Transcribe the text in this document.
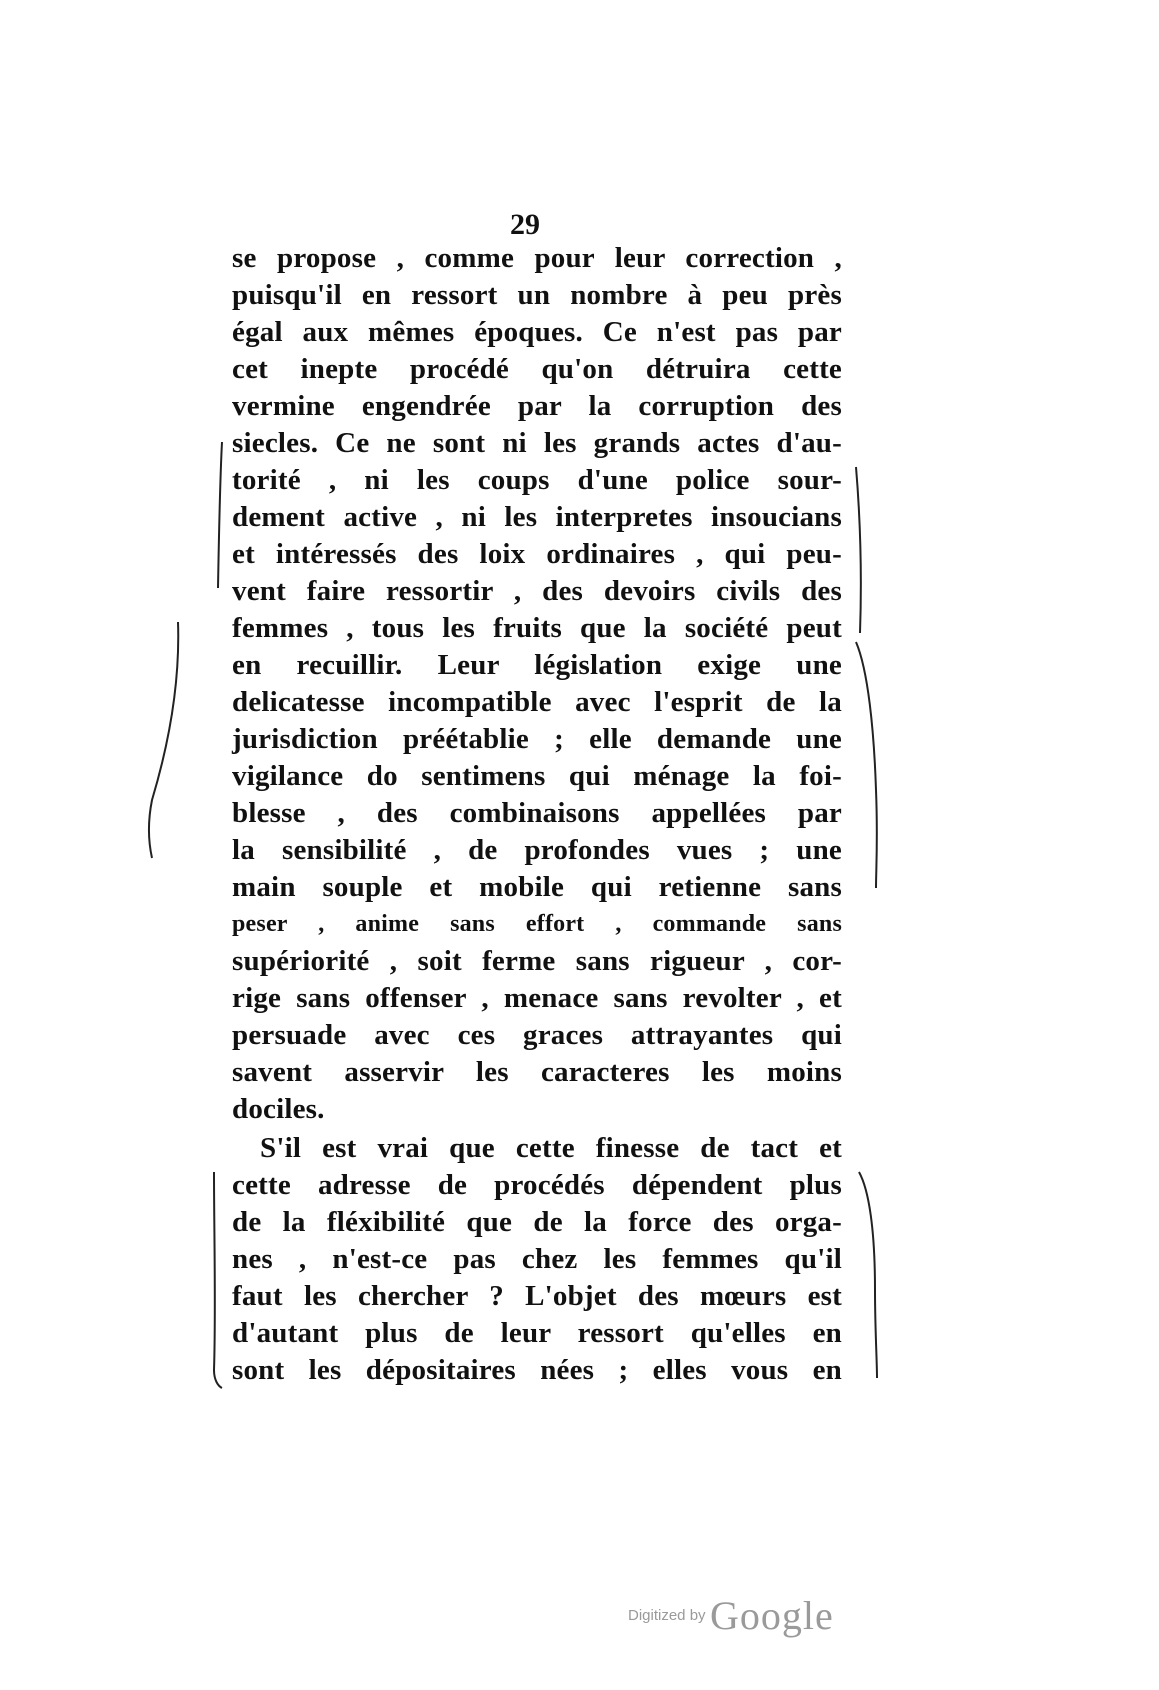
29
se propose , comme pour leur correction ,
puisqu'il en ressort un nombre à peu près
égal aux mêmes époques. Ce n'est pas par
cet inepte procédé qu'on détruira cette
vermine engendrée par la corruption des
siecles. Ce ne sont ni les grands actes d'au-
torité , ni les coups d'une police sour-
dement active , ni les interpretes insoucians
et intéressés des loix ordinaires , qui peu-
vent faire ressortir , des devoirs civils des
femmes , tous les fruits que la société peut
en recuillir. Leur législation exige une
delicatesse incompatible avec l'esprit de la
jurisdiction préétablie ; elle demande une
vigilance do sentimens qui ménage la foi-
blesse , des combinaisons appellées par
la sensibilité , de profondes vues ; une
main souple et mobile qui retienne sans
peser , anime sans effort , commande sans
supériorité , soit ferme sans rigueur , cor-
rige sans offenser , menace sans revolter , et
persuade avec ces graces attrayantes qui
savent asservir les caracteres les moins
dociles.
S'il est vrai que cette finesse de tact et
cette adresse de procédés dépendent plus
de la fléxibilité que de la force des orga-
nes , n'est-ce pas chez les femmes qu'il
faut les chercher ? L'objet des mœurs est
d'autant plus de leur ressort qu'elles en
sont les dépositaires nées ; elles vous en
Digitized by Google
